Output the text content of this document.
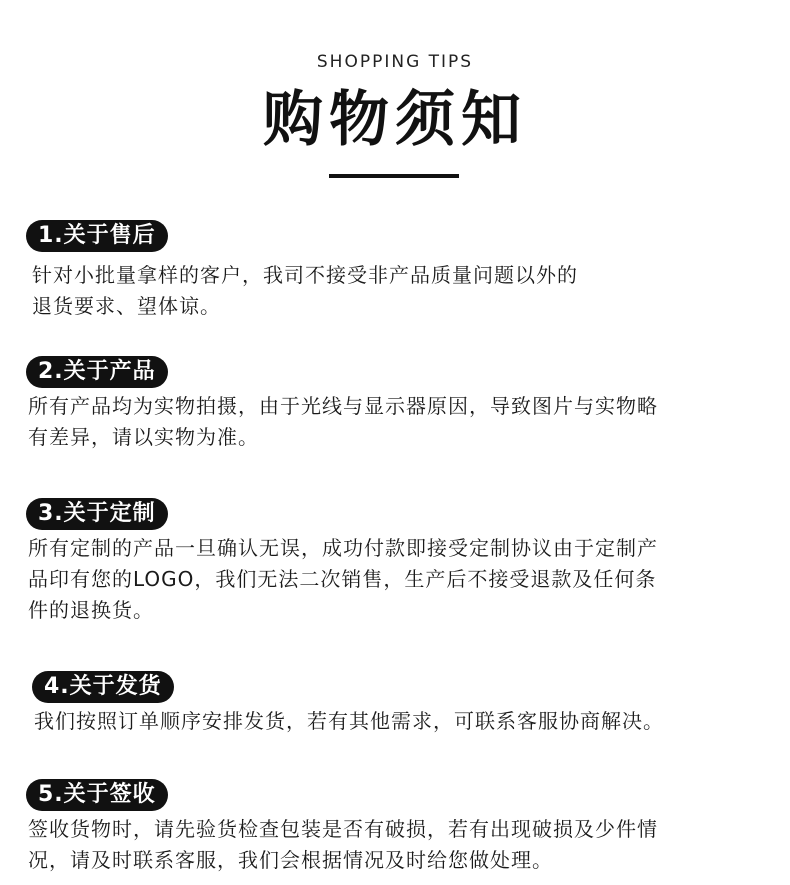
SHOPPING TIPS
购物须知
1.关于售后
针对小批量拿样的客户，我司不接受非产品质量问题以外的
退货要求、望体谅。
2.关于产品
所有产品均为实物拍摄，由于光线与显示器原因，导致图片与实物略
有差异，请以实物为准。
3.关于定制
所有定制的产品一旦确认无误，成功付款即接受定制协议由于定制产
品印有您的LOGO，我们无法二次销售，生产后不接受退款及任何条
件的退换货。
4.关于发货
我们按照订单顺序安排发货，若有其他需求，可联系客服协商解决。
5.关于签收
签收货物时，请先验货检查包装是否有破损，若有出现破损及少件情
况，请及时联系客服，我们会根据情况及时给您做处理。
